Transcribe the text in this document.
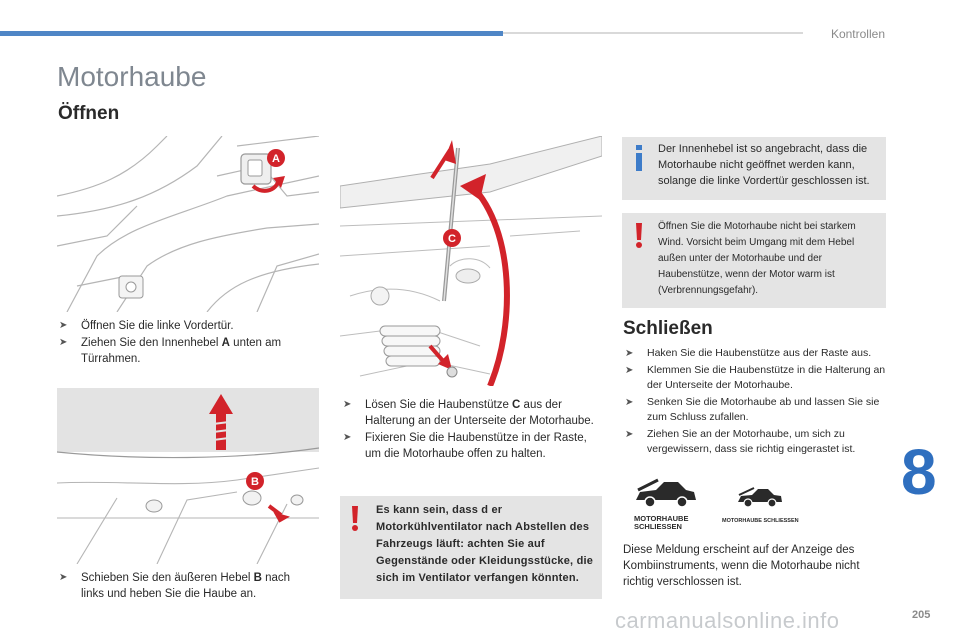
Kontrollen
Motorhaube
Öffnen
A
➤ Öffnen Sie die linke Vordertür.
➤ Ziehen Sie den Innenhebel A unten am Türrahmen.
B
➤ Schieben Sie den äußeren Hebel B nach links und heben Sie die Haube an.
C
➤ Lösen Sie die Haubenstütze C aus der Halterung an der Unterseite der Motorhaube.
➤ Fixieren Sie die Haubenstütze in der Raste, um die Motorhaube offen zu halten.

Es kann sein, dass d er Motorkühlventilator nach Abstellen des Fahrzeugs läuft: achten Sie auf Gegenstände oder Kleidungsstücke, die sich im Ventilator verfangen könnten.

Der Innenhebel ist so angebracht, dass die Motorhaube nicht geöffnet werden kann, solange die linke Vordertür geschlossen ist.

Öffnen Sie die Motorhaube nicht bei starkem Wind. Vorsicht beim Umgang mit dem Hebel außen unter der Motorhaube und der Haubenstütze, wenn der Motor warm ist (Verbrennungsgefahr).

Schließen
➤ Haken Sie die Haubenstütze aus der Raste aus.
➤ Klemmen Sie die Haubenstütze in die Halterung an der Unterseite der Motorhaube.
➤ Senken Sie die Motorhaube ab und lassen Sie sie zum Schluss zufallen.
➤ Ziehen Sie an der Motorhaube, um sich zu vergewissern, dass sie richtig eingerastet ist.
MOTORHAUBE SCHLIESSEN
MOTORHAUBE SCHLIESSEN

Diese Meldung erscheint auf der Anzeige des Kombiinstruments, wenn die Motorhaube nicht richtig verschlossen ist.

8
carmanualsonline.info	205
